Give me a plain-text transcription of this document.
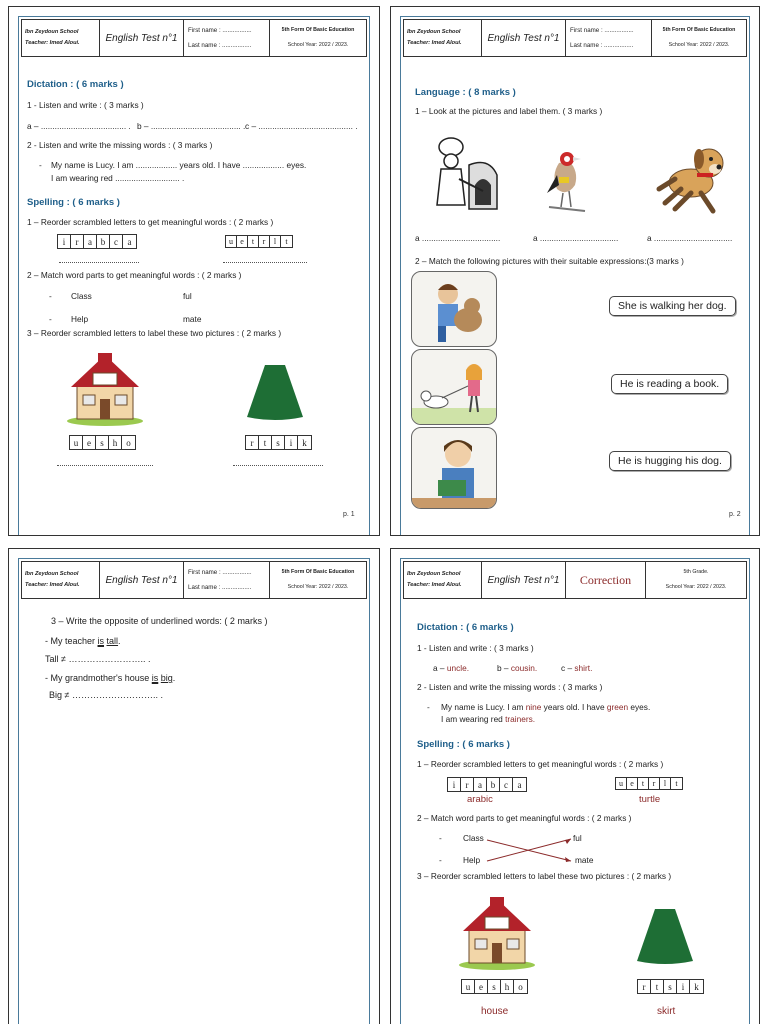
Ibn Zeydoun School
Teacher: Imed Aloui.	English Test n°1
First name : .................
Last name : .................
5th Form Of Basic Education
School Year: 2022 / 2023.
Dictation : ( 6 marks )
1 - Listen and write : ( 3 marks )
a – ..................................... . b – ....................................... . c – ......................................... .
2 - Listen and write the missing words : ( 3 marks )
- My name is Lucy. I am .................. years old. I have .................. eyes.
I am wearing red ............................ .
Spelling : ( 6 marks )
1 – Reorder scrambled letters to get meaningful words : ( 2 marks )
i	r	a b c	a	u e	t	r	l	t
2 – Match word parts to get meaningful words : ( 2 marks )
- Class	ful
- Help	mate
3 – Reorder scrambled letters to label these two pictures : ( 2 marks )
u e	s	h	o	r	t	s	i	k
p. 1
Ibn Zeydoun School
Teacher: Imed Aloui.	English Test n°1
First name : .................
Last name : .................
5th Form Of Basic Education
School Year: 2022 / 2023.
Language : ( 8 marks )
1 – Look at the pictures and label them. ( 3 marks )
a ..................................	a ..................................	a ..................................
2 – Match the following pictures with their suitable expressions:(3 marks )
She is walking her dog.
He is reading a book.
He is hugging his dog.
p. 2
Ibn Zeydoun School
Teacher: Imed Aloui.	English Test n°1
First name : .................
Last name : .................
5th Form Of Basic Education
School Year: 2022 / 2023.
3 – Write the opposite of underlined words: ( 2 marks )
- My teacher is tall.
Tall ≠ …………………….. .
- My grandmother's house is big.
Big ≠ ……………………….. .
Ibn Zeydoun School
Teacher: Imed Aloui.	English Test n°1	Correction
5th Grade.
School Year: 2022 / 2023.
Dictation : ( 6 marks )
1 - Listen and write : ( 3 marks )
a – uncle.	b – cousin.	c – shirt.
2 - Listen and write the missing words : ( 3 marks )
- My name is Lucy. I am nine years old. I have green eyes.
I am wearing red trainers.
Spelling : ( 6 marks )
1 – Reorder scrambled letters to get meaningful words : ( 2 marks )
i	r	a b c	a	u e	t	r	l	t
arabic	turtle
2 – Match word parts to get meaningful words : ( 2 marks )
-	Class	ful
-	Help	mate
3 – Reorder scrambled letters to label these two pictures : ( 2 marks )
u e	s	h	o	r	t	s	i	k
house	skirt
